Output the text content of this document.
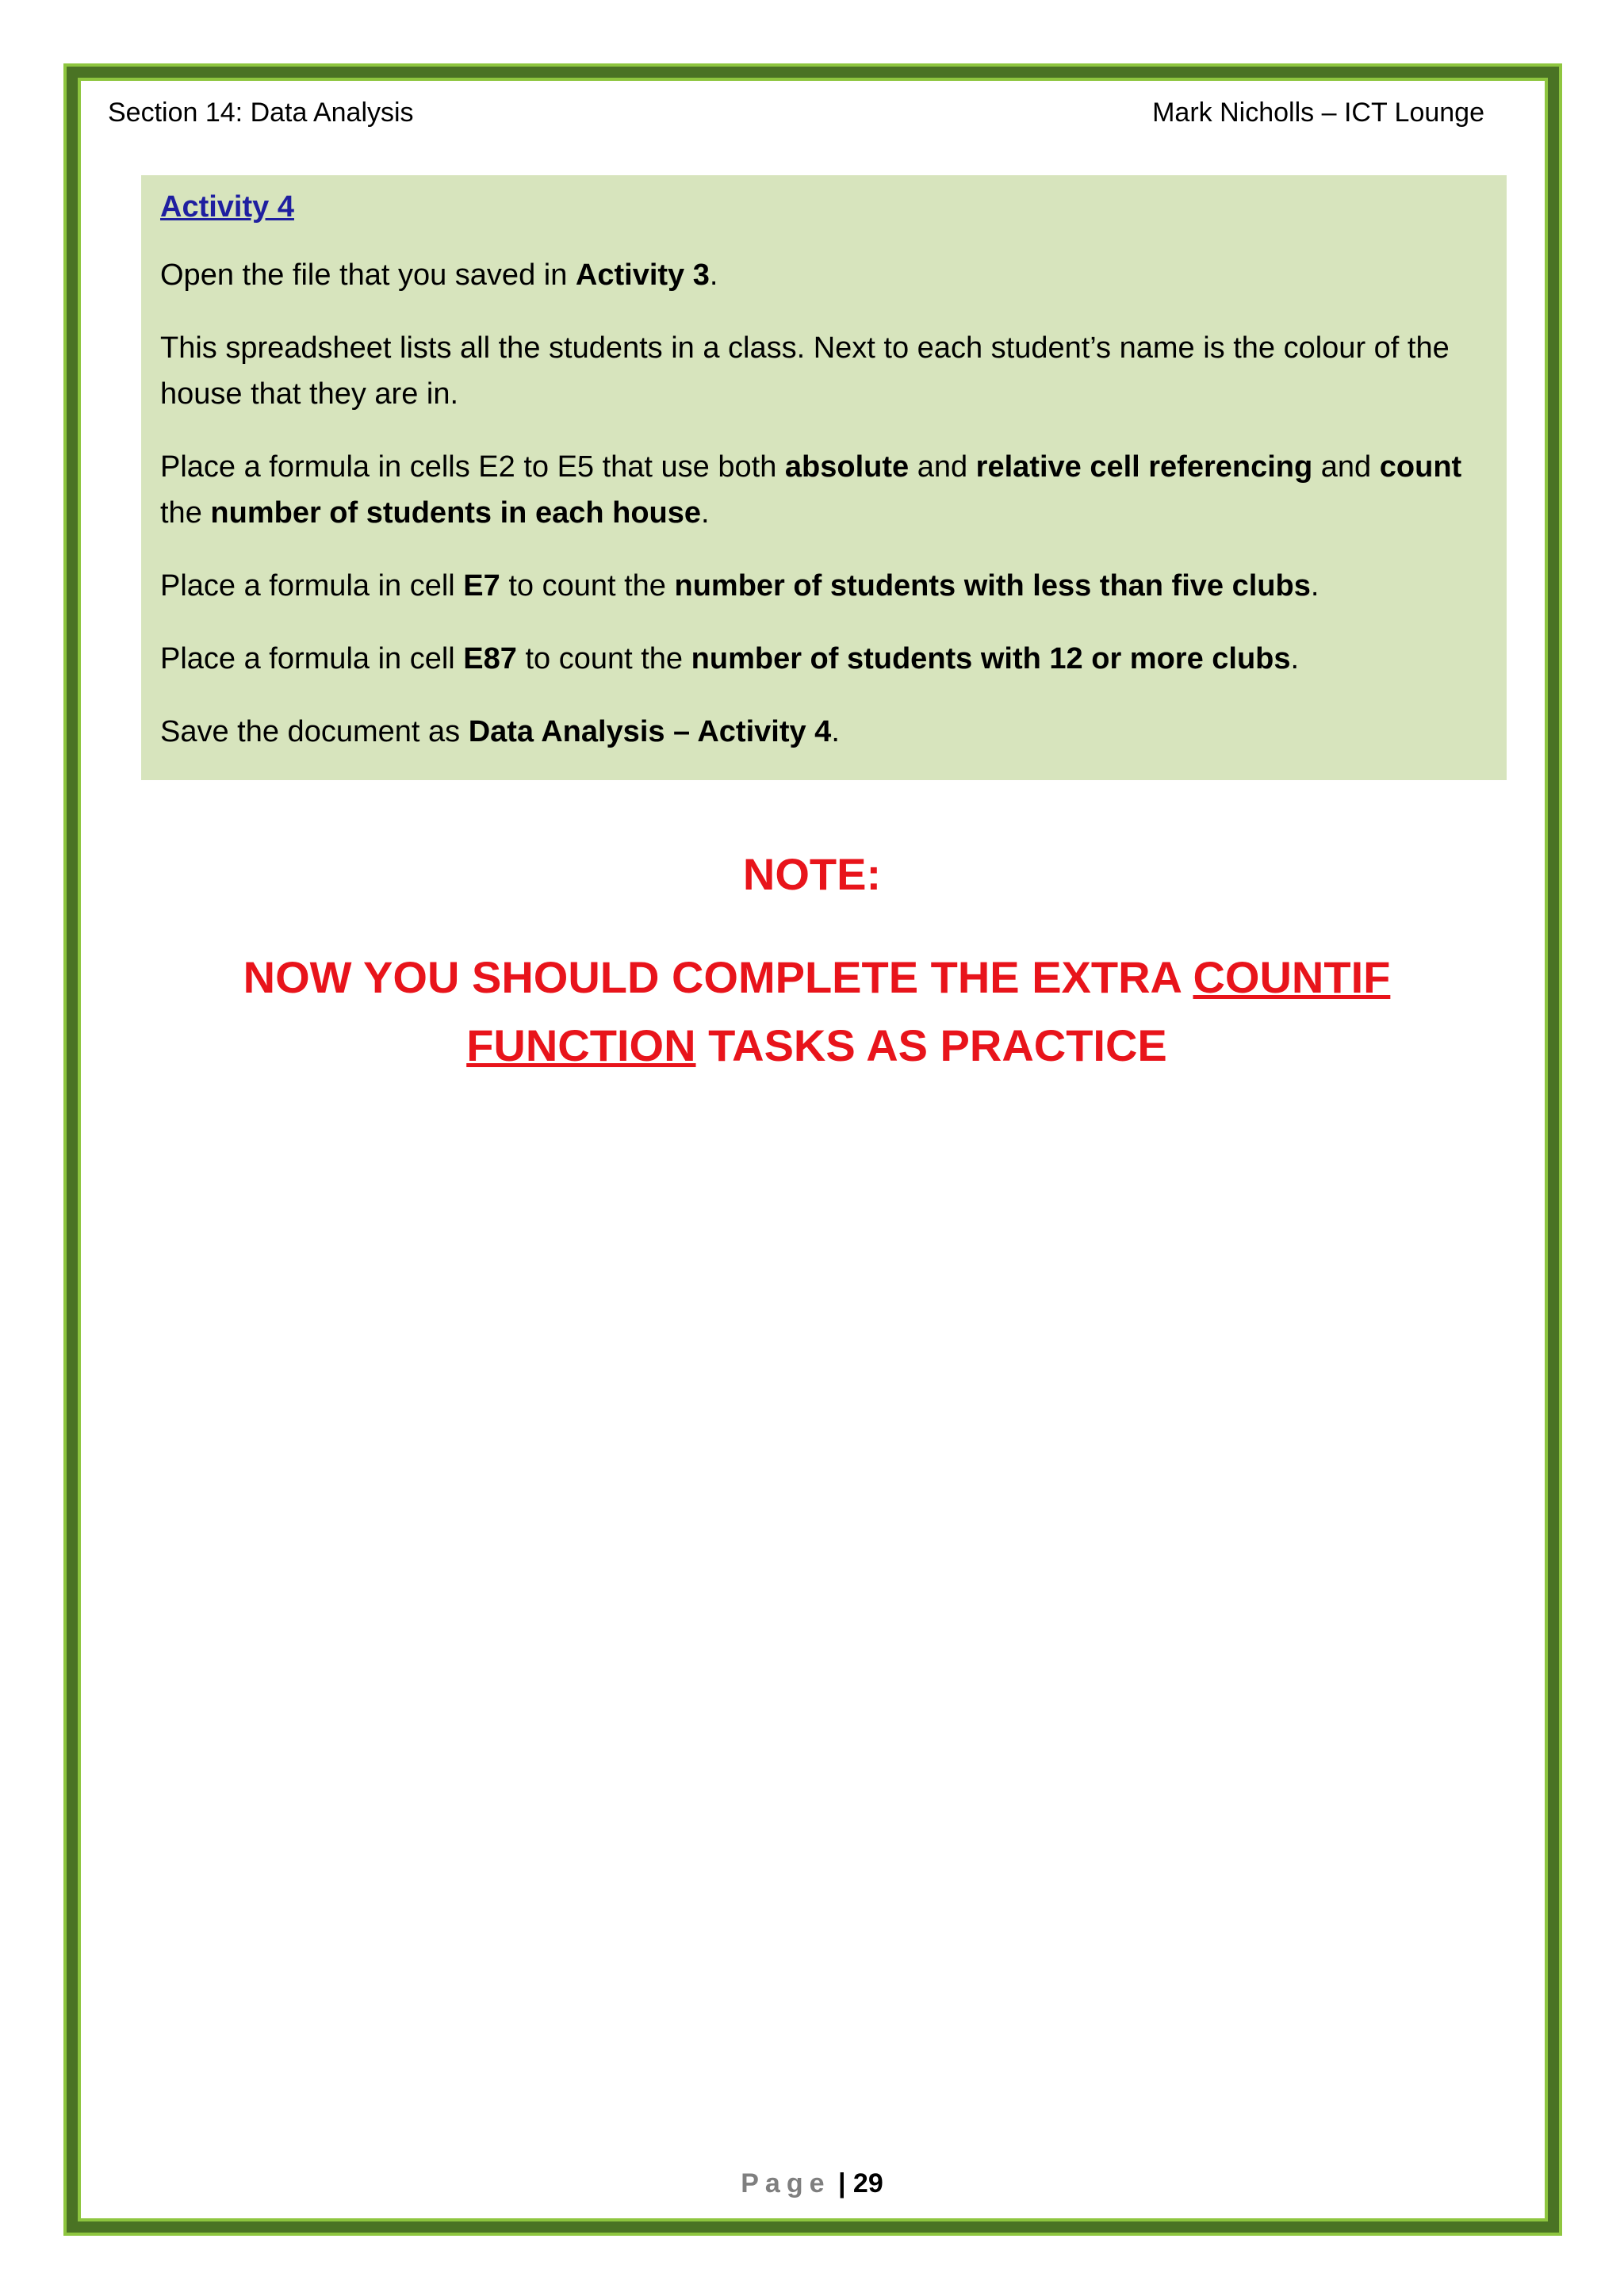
Section 14: Data Analysis	Mark Nicholls – ICT Lounge
Activity 4

Open the file that you saved in Activity 3.

This spreadsheet lists all the students in a class. Next to each student’s name is the colour of the house that they are in.

Place a formula in cells E2 to E5 that use both absolute and relative cell referencing and count the number of students in each house.

Place a formula in cell E7 to count the number of students with less than five clubs.

Place a formula in cell E87 to count the number of students with 12 or more clubs.

Save the document as Data Analysis – Activity 4.

NOTE:
NOW YOU SHOULD COMPLETE THE EXTRA COUNTIF FUNCTION TASKS AS PRACTICE
Page | 29
